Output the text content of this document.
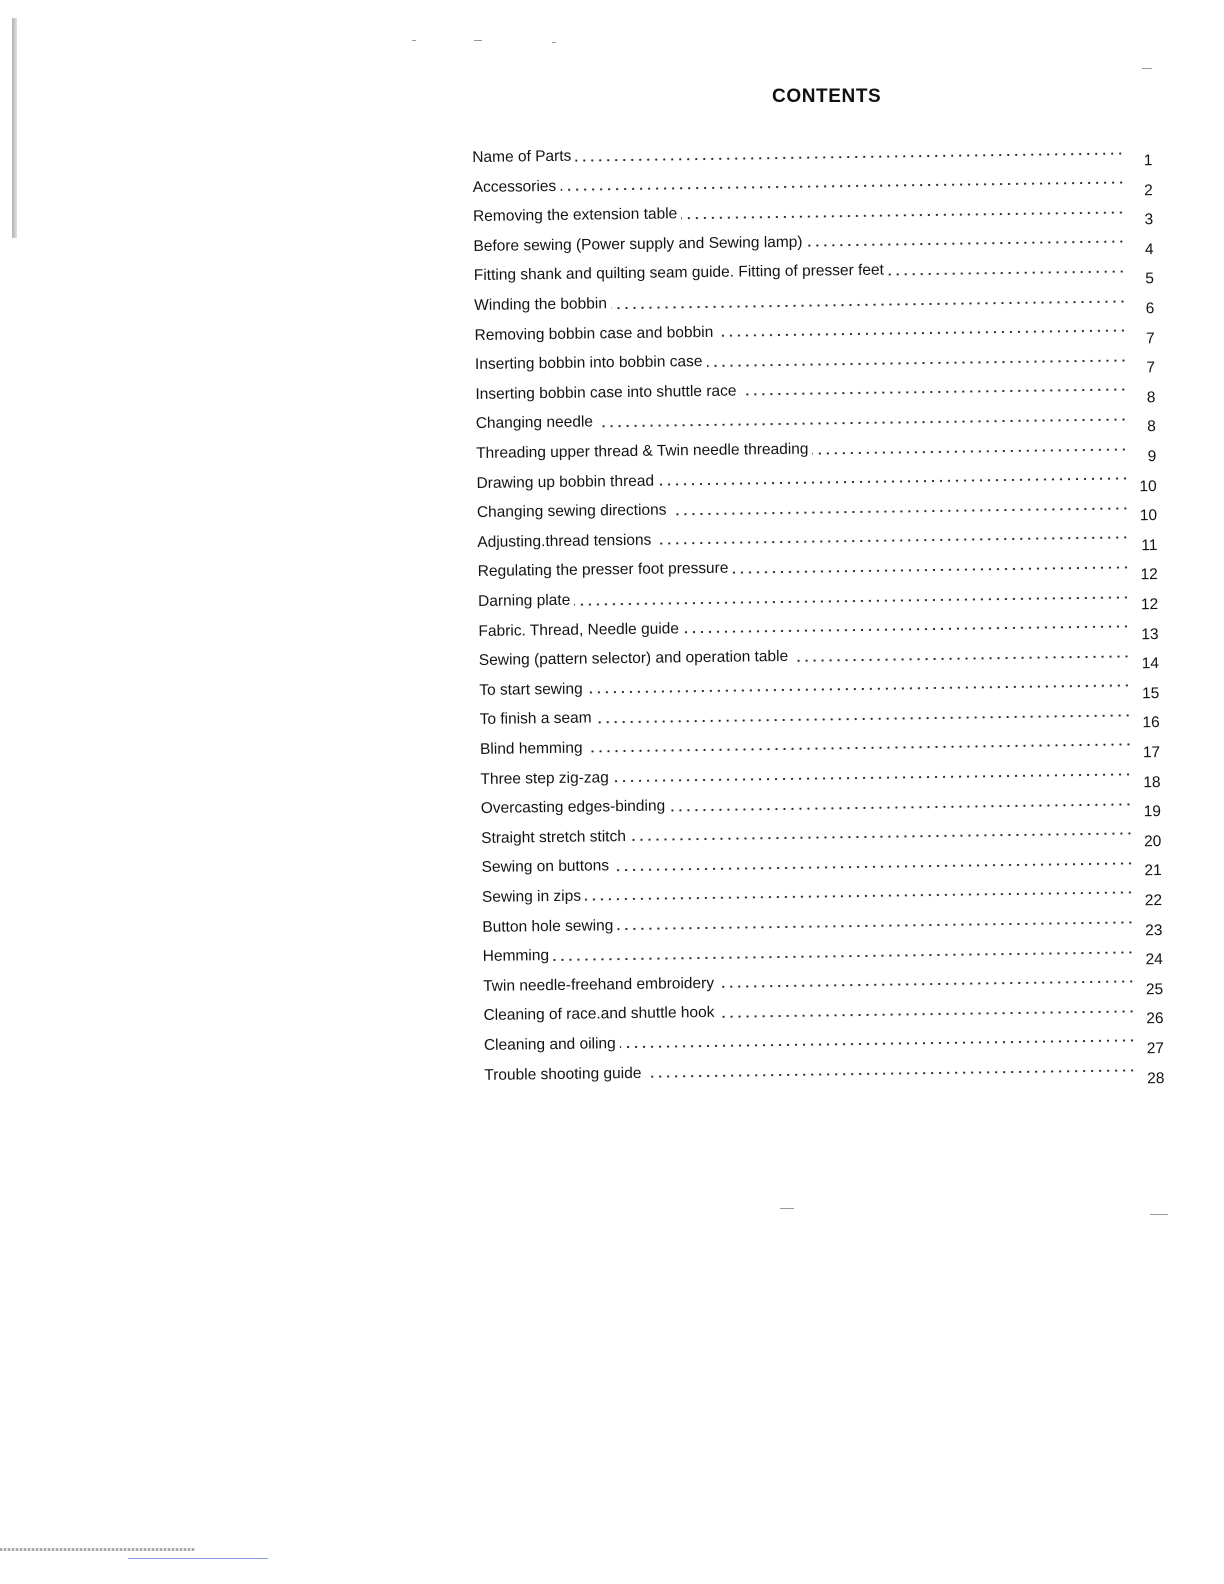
CONTENTS
Name of Parts	1
Accessories	2
Removing the extension table	3
Before sewing (Power supply and Sewing lamp)	4
Fitting shank and quilting seam guide. Fitting of presser feet	5
Winding the bobbin	6
Removing bobbin case and bobbin	7
Inserting bobbin into bobbin case	7
Inserting bobbin case into shuttle race	8
Changing needle	8
Threading upper thread & Twin needle threading	9
Drawing up bobbin thread	10
Changing sewing directions	10
Adjusting.thread tensions	11
Regulating the presser foot pressure	12
Darning plate	12
Fabric. Thread, Needle guide	13
Sewing (pattern selector) and operation table	14
To start sewing	15
To finish a seam	16
Blind hemming	17
Three step zig-zag	18
Overcasting edges-binding	19
Straight stretch stitch	20
Sewing on buttons	21
Sewing in zips	22
Button hole sewing	23
Hemming	24
Twin needle-freehand embroidery	25
Cleaning of race.and shuttle hook	26
Cleaning and oiling	27
Trouble shooting guide	28
